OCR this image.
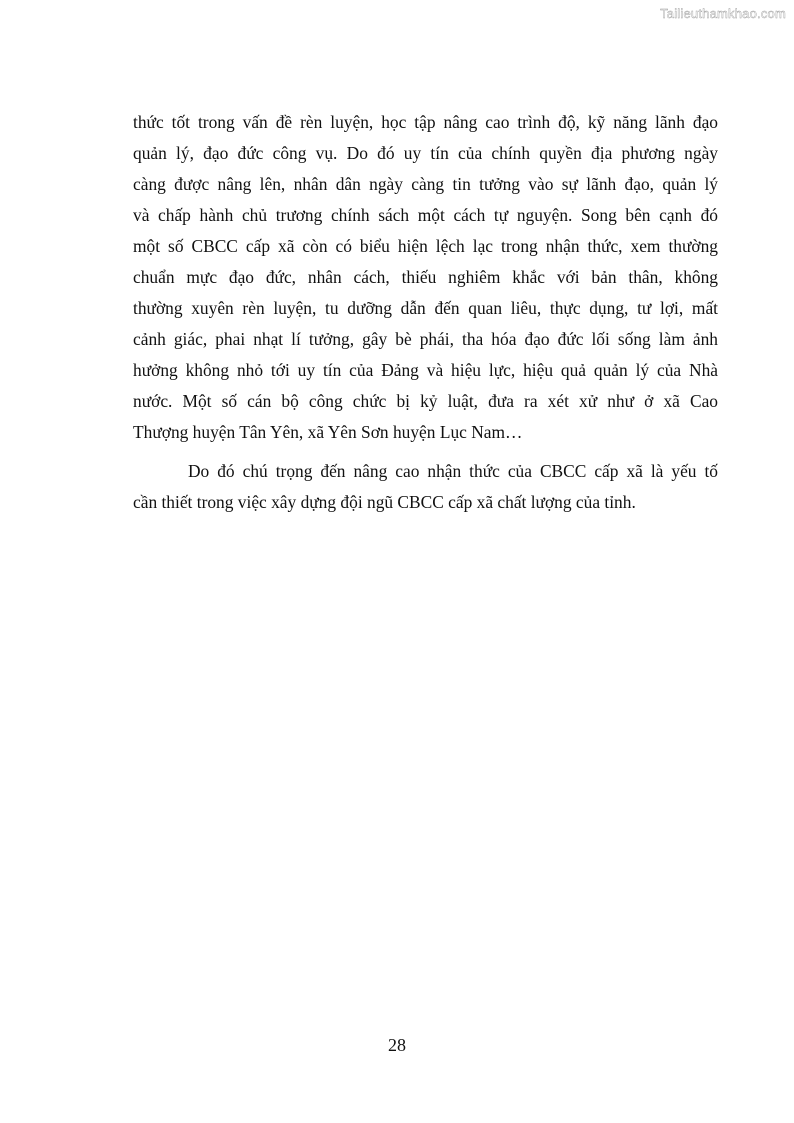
Tailieuthamkhao.com
thức tốt trong vấn đề rèn luyện, học tập nâng cao trình độ, kỹ năng lãnh đạo
quản lý, đạo đức công vụ. Do đó uy tín của chính quyền địa phương ngày
càng được nâng lên, nhân dân ngày càng tin tưởng vào sự lãnh đạo, quản lý
và chấp hành chủ trương chính sách một cách tự nguyện. Song bên cạnh đó
một số CBCC cấp xã còn có biểu hiện lệch lạc trong nhận thức, xem thường
chuẩn mực đạo đức, nhân cách, thiếu nghiêm khắc với bản thân, không
thường xuyên rèn luyện, tu dưỡng dẫn đến quan liêu, thực dụng, tư lợi, mất
cảnh giác, phai nhạt lí tưởng, gây bè phái, tha hóa đạo đức lối sống làm ảnh
hưởng không nhỏ tới uy tín của Đảng và hiệu lực, hiệu quả quản lý của Nhà
nước. Một số cán bộ công chức bị kỷ luật, đưa ra xét xử như ở xã Cao
Thượng huyện Tân Yên, xã Yên Sơn huyện Lục Nam…
Do đó chú trọng đến nâng cao nhận thức của CBCC cấp xã là yếu tố
cần thiết trong việc xây dựng đội ngũ CBCC cấp xã chất lượng của tỉnh.
28
